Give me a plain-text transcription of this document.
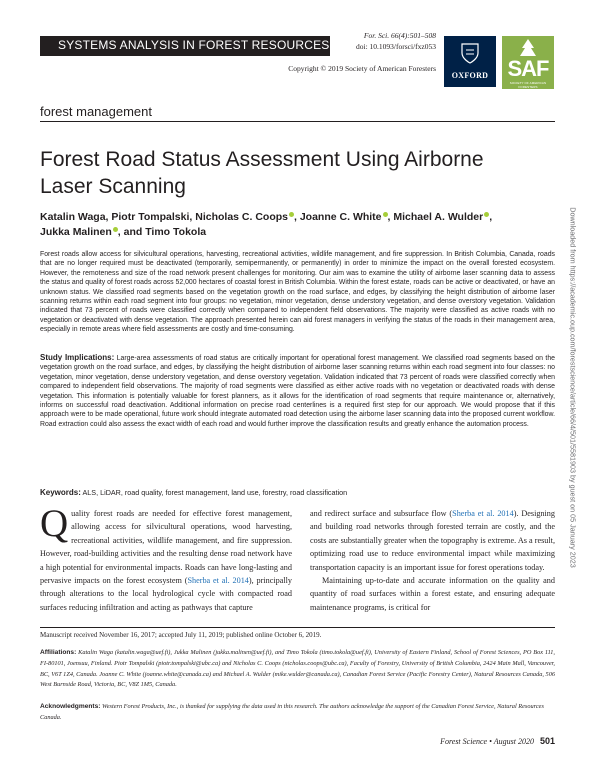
SYSTEMS ANALYSIS IN FOREST RESOURCES
For. Sci. 66(4):501–508
doi: 10.1093/forsci/fxz053
Copyright © 2019 Society of American Foresters
OXFORD SAF
SOCIETY OF AMERICAN FORESTERS
forest management
Forest Road Status Assessment Using Airborne
Laser Scanning
Katalin Waga, Piotr Tompalski, Nicholas C. Coops , Joanne C. White , Michael A. Wulder ,
Jukka Malinen , and Timo Tokola
Forest roads allow access for silvicultural operations, harvesting, recreational activities, wildlife management, and fire suppression. In British Columbia, Canada, roads that are no longer required must be deactivated (temporarily, semipermanently, or permanently) in order to minimize the impact on the overall forested ecosystem. However, the remoteness and size of the road network present challenges for monitoring. Our aim was to examine the utility of airborne laser scanning data to assess the status and quality of forest roads across 52,000 hectares of coastal forest in British Columbia. Within the forest estate, roads can be active or deactivated, or have an unknown status. We classified road segments based on the vegetation growth on the road surface, and edges, by classifying the height distribution of airborne laser scanning returns within each road segment into four groups: no vegetation, minor vegetation, dense understory vegetation, and dense overstory vegetation. Validation indicated that 73 percent of roads were classified correctly when compared to independent field observations. The majority were classified as active roads with no vegetation or deactivated with dense vegetation. The approach presented herein can aid forest managers in verifying the status of the roads in their management area, especially in remote areas where field assessments are costly and time-consuming.
Study Implications: Large-area assessments of road status are critically important for operational forest management. We classified road segments based on the vegetation growth on the road surface, and edges, by classifying the height distribution of airborne laser scanning returns within each road segment into four classes: no vegetation, minor vegetation, dense understory vegetation, and dense overstory vegetation. Validation indicated that 73 percent of roads were classified correctly when compared to independent field observations. The majority of road segments were classified as either active roads with no vegetation or deactivated roads with dense vegetation. This information is potentially valuable for forest planners, as it allows for the identification of road segments that require maintenance or, alternatively, informs on successful road deactivation. Additional information on precise road centerlines is a required first step for our approach. We would propose that if this approach were to be made operational, future work should integrate automated road detection using the airborne laser scanning data into the proposed current workflow. Road extraction could also assess the exact width of each road and would further improve the classification results and greatly enhance the automation process.
Keywords: ALS, LiDAR, road quality, forest management, land use, forestry, road classification
Quality forest roads are needed for effective forest management, allowing access for silvicultural operations, wood harvesting, recreational activities, wildlife management, and fire suppression. However, road-building activities and the resulting dense road network have a high potential for environmental impacts. Roads can have long-lasting and pervasive impacts on the forest ecosystem (Sherba et al. 2014), principally through alterations to the local hydrological cycle with compacted road surfaces reducing infiltration and acting as pathways that capture

and redirect surface and subsurface flow (Sherba et al. 2014). Designing and building road networks through forested terrain are costly, and the costs are substantially greater when the topography is extreme. As a result, optimizing road use to reduce environmental impact while maximizing transportation capacity is an important issue for forest operations today.

Maintaining up-to-date and accurate information on the quality and quantity of road surfaces within a forest estate, and ensuring adequate maintenance programs, is critical for

Manuscript received November 16, 2017; accepted July 11, 2019; published online October 6, 2019.
Affiliations: Katalin Waga (katalin.waga@uef.fi), Jukka Malinen (jukka.malinen@uef.fi), and Timo Tokola (timo.tokola@uef.fi), University of Eastern Finland, School of Forest Sciences, PO Box 111, FI-80101, Joensuu, Finland. Piotr Tompalski (piotr.tompalski@ubc.ca) and Nicholas C. Coops (nicholas.coops@ubc.ca), Faculty of Forestry, University of British Columbia, 2424 Main Mall, Vancouver, BC, V6T 1Z4, Canada. Joanne C. White (joanne.white@canada.ca) and Michael A. Wulder (mike.wulder@canada.ca), Canadian Forest Service (Pacific Forestry Center), Natural Resources Canada, 506 West Burnside Road, Victoria, BC, V8Z 1M5, Canada.
Acknowledgments: Western Forest Products, Inc., is thanked for supplying the data used in this research. The authors acknowledge the support of the Canadian Forest Service, Natural Resources Canada.
Forest Science • August 2020 501
Downloaded from https://academic.oup.com/forestscience/article/66/4/501/5581903 by guest on 05 January 2023
